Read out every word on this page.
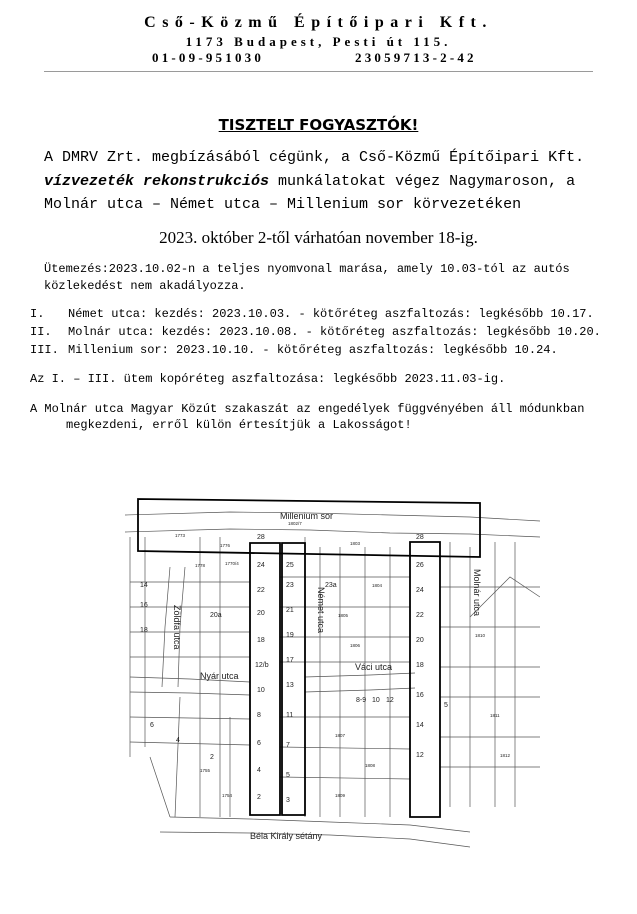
Cső-Közmű Építőipari Kft.
1173 Budapest, Pesti út 115.
01-09-951030	23059713-2-42
TISZTELT FOGYASZTÓK!
A DMRV Zrt. megbízásából cégünk, a Cső-Közmű Építőipari Kft.
vízvezeték rekonstrukciós munkálatokat végez Nagymaroson, a
Molnár utca – Német utca – Millenium sor körvezetéken
2023. október 2-től várhatóan november 18-ig.
Ütemezés:2023.10.02-n a teljes nyomvonal marása, amely 10.03-tól az autós
közlekedést nem akadályozza.
I. Német utca: kezdés: 2023.10.03. - kötőréteg aszfaltozás: legkésőbb 10.17.
II. Molnár utca: kezdés: 2023.10.08. - kötőréteg aszfaltozás: legkésőbb 10.20.
III. Millenium sor: 2023.10.10. - kötőréteg aszfaltozás: legkésőbb 10.24.
Az I. – III. ütem kopóréteg aszfaltozása: legkésőbb 2023.11.03-ig.
A Molnár utca Magyar Közút szakaszát az engedélyek függvényében áll módunkban
megkezdeni, erről külön értesítjük a Lakosságot!
Millenium sor
Német utca	Molnár utca
Zöldfa utca
Nyár utca
Váci utca
Béla Király sétány
28
24
22
20
18
12/b
10
8
6
4
2
25
23
21
19
17
13
11
7
5
3
28
26
24
22
20
18
16
14
12
5
23a
20a
8-9 10 12
2
4
6
14
16
18
1773
1778
1776
1770/4
1802/7
1803
1804
1805
1806
1807
1808
1809
1810
1811
1812
1755
1754
